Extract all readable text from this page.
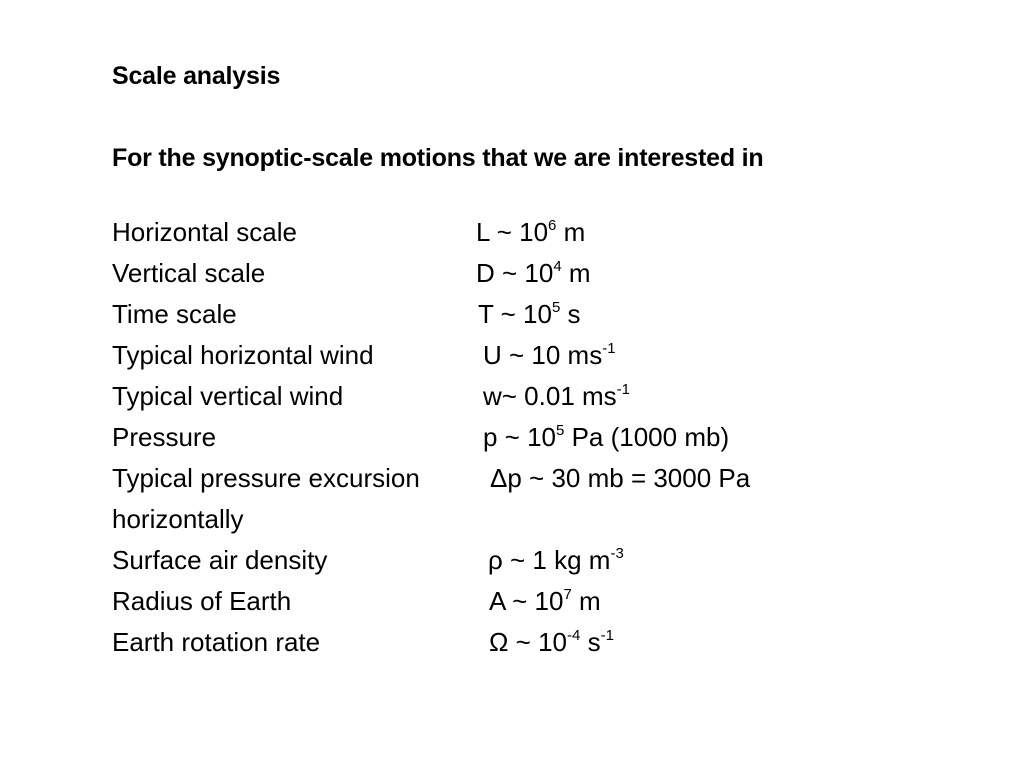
Scale analysis
For the synoptic-scale motions that we are interested in
Horizontal scale	L ~ $10^6$ m
Vertical scale	D ~ $10^4$ m
Time scale	T ~ $10^5$ s
Typical horizontal wind	U ~ 10 $ms^{-1}$
Typical vertical wind	w~ 0.01 $ms^{-1}$
Pressure	p ~ $10^5$ Pa (1000 mb)
Typical pressure excursion	Δp ~ 30 mb = 3000 Pa
horizontally
Surface air density	ρ ~ 1 kg $m^{-3}$
Radius of Earth	A ~ $10^7$ m
Earth rotation rate	Ω ~ $10^{-4}$ $s^{-1}$
